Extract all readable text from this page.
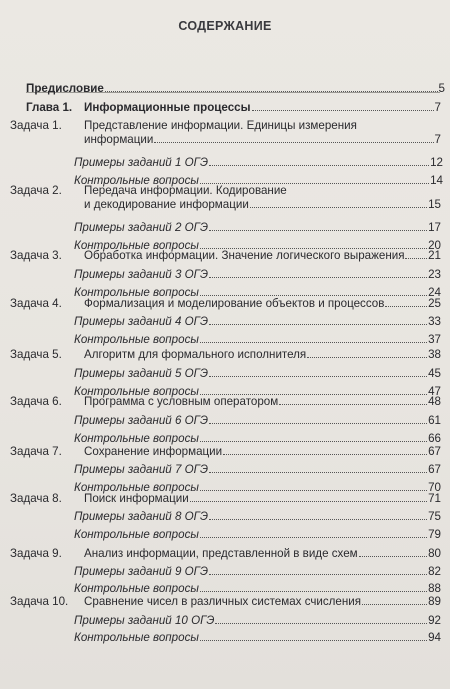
СОДЕРЖАНИЕ
Предисловие	5
Глава 1. Информационные процессы	7
Задача 1. Представление информации. Единицы измерения
информации	7
Примеры заданий 1 ОГЭ	12
Контрольные вопросы	14
Задача 2. Передача информации. Кодирование
и декодирование информации	15
Примеры заданий 2 ОГЭ	17
Контрольные вопросы	20
Задача 3. Обработка информации. Значение логического выражения 21
Примеры заданий 3 ОГЭ	23
Контрольные вопросы	24
Задача 4. Формализация и моделирование объектов и процессов	25
Примеры заданий 4 ОГЭ	33
Контрольные вопросы	37
Задача 5. Алгоритм для формального исполнителя	38
Примеры заданий 5 ОГЭ	45
Контрольные вопросы	47
Задача 6. Программа с условным оператором	48
Примеры заданий 6 ОГЭ	61
Контрольные вопросы	66
Задача 7. Сохранение информации	67
Примеры заданий 7 ОГЭ	67
Контрольные вопросы	70
Задача 8. Поиск информации	71
Примеры заданий 8 ОГЭ	75
Контрольные вопросы	79
Задача 9. Анализ информации, представленной в виде схем	80
Примеры заданий 9 ОГЭ	82
Контрольные вопросы	88
Задача 10. Сравнение чисел в различных системах счисления	89
Примеры заданий 10 ОГЭ	92
Контрольные вопросы	94
